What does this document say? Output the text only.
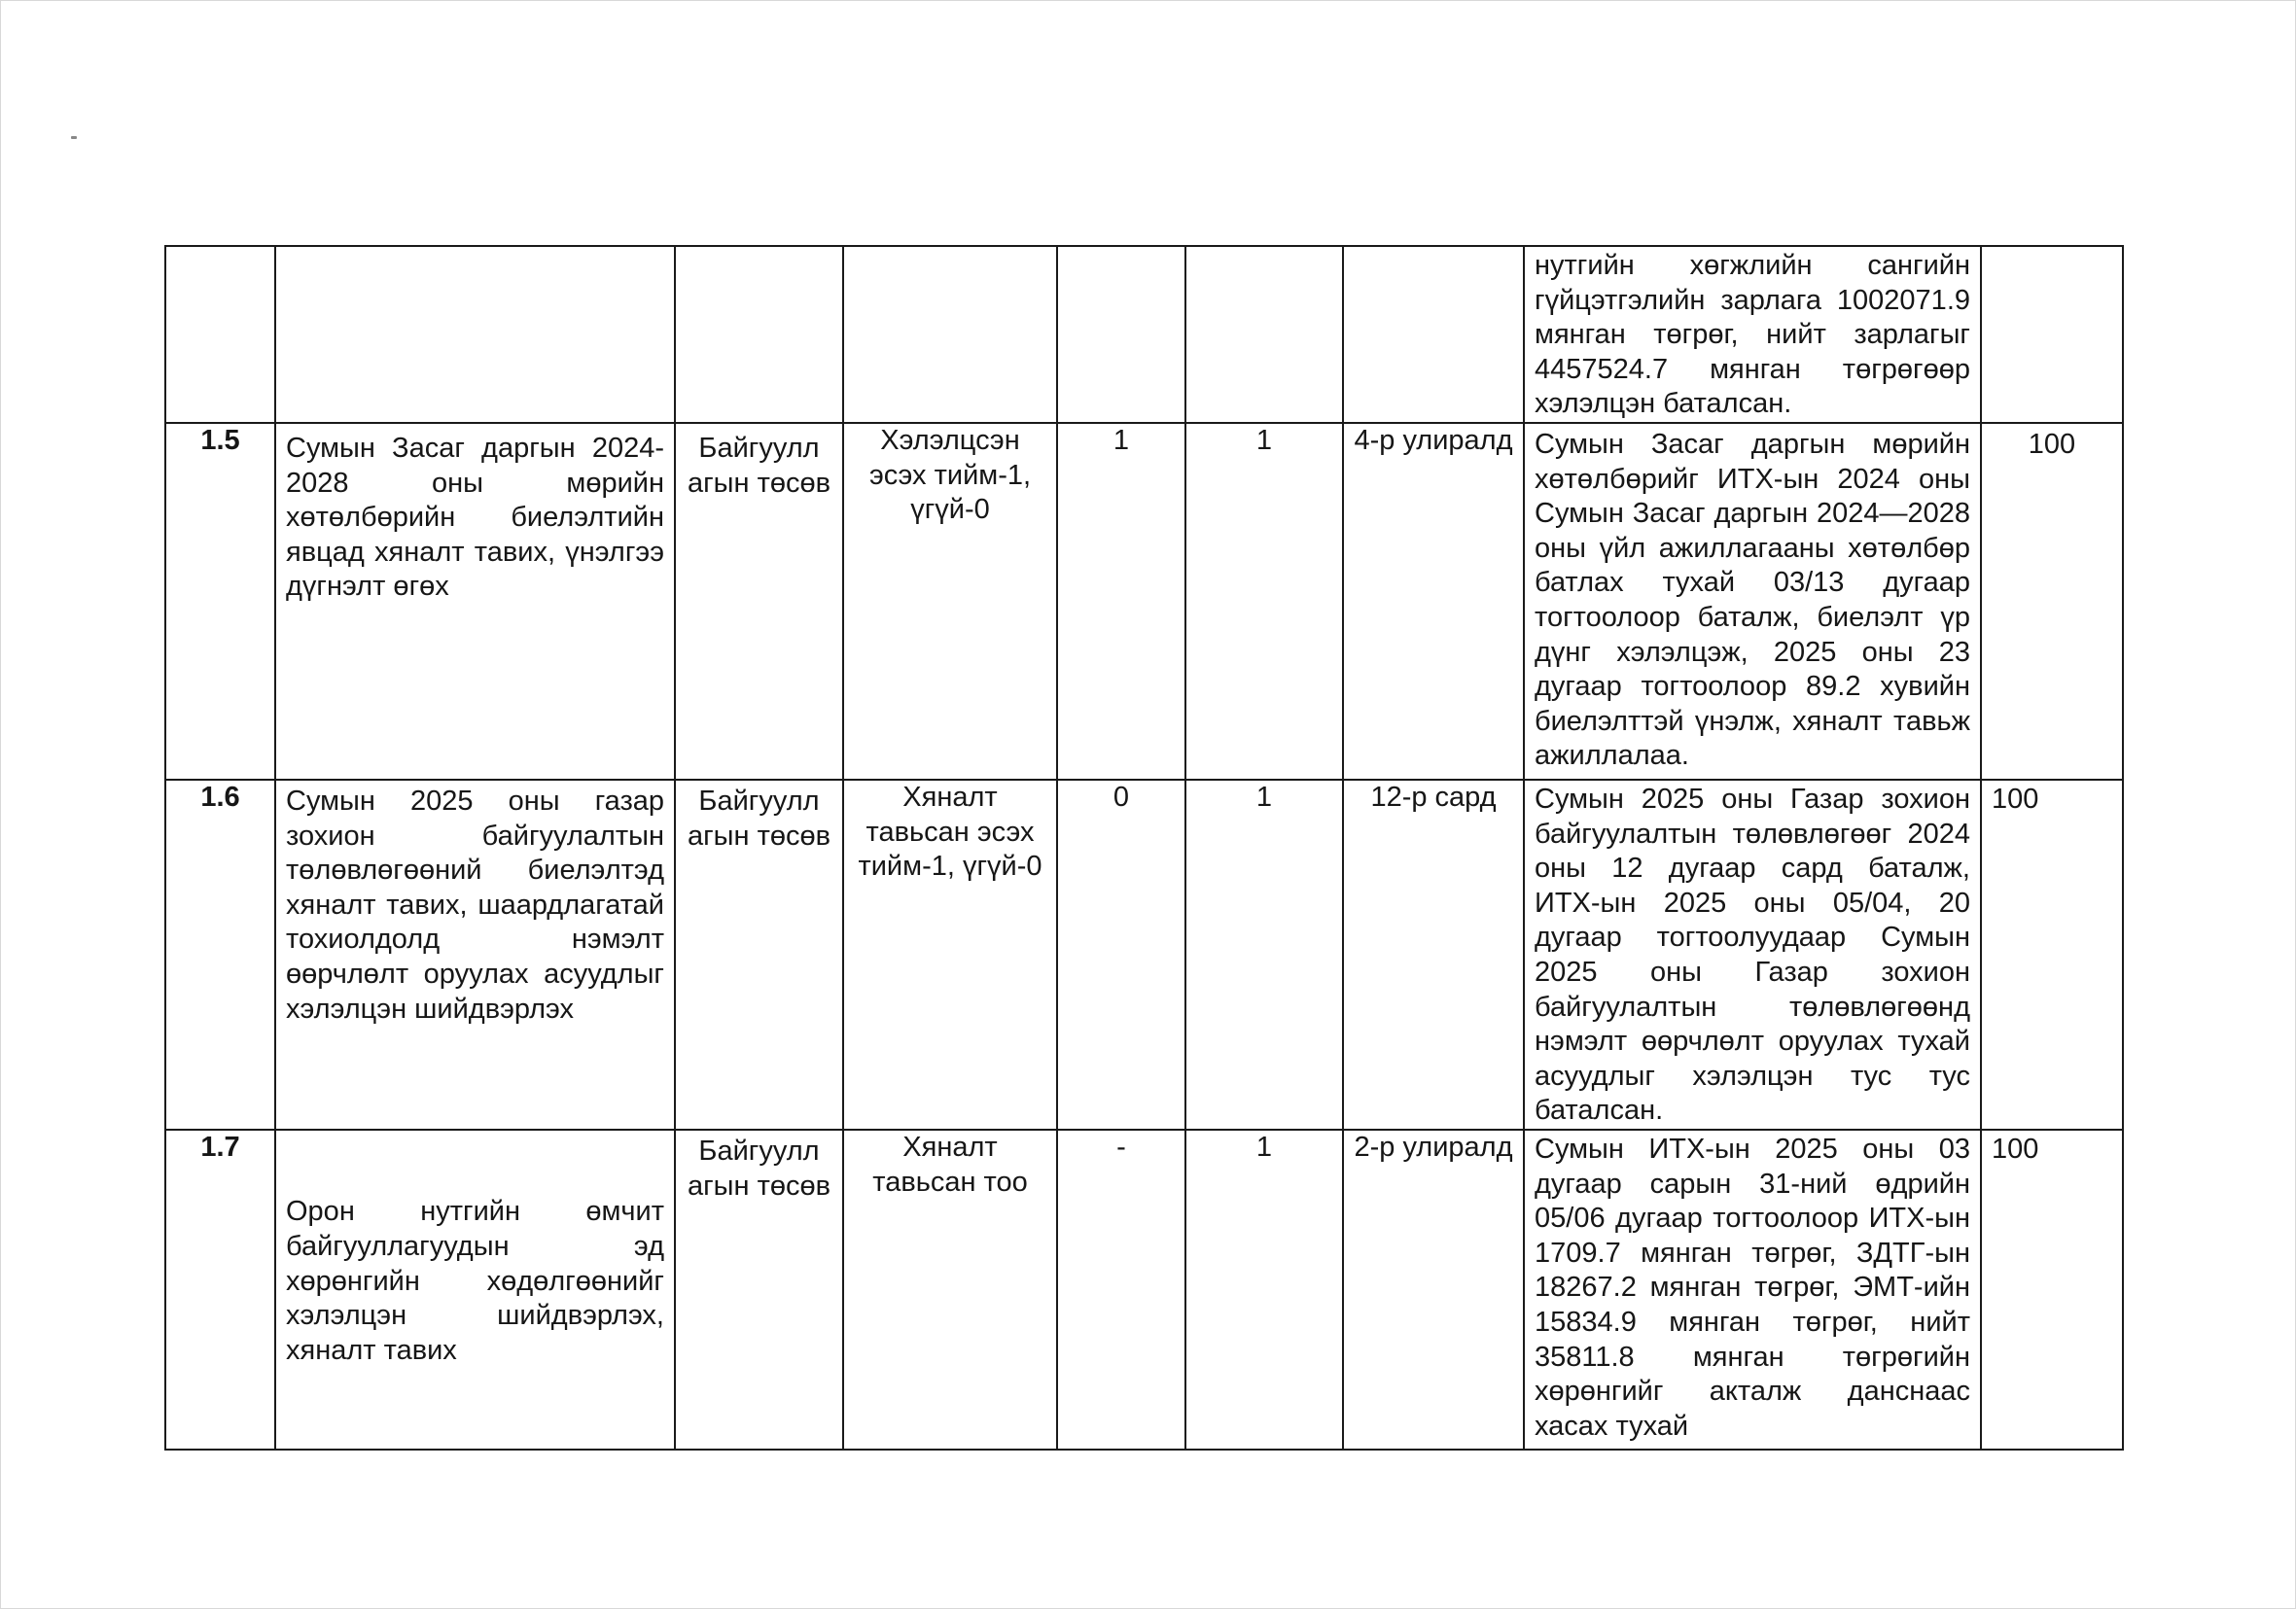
							нутгийн хөгжлийн сангийн гүйцэтгэлийн зарлага 1002071.9 мянган төгрөг, нийт зарлагыг 4457524.7 мянган төгрөгөөр хэлэлцэн баталсан.	
1.5	Сумын Засаг даргын 2024-2028 оны мөрийн хөтөлбөрийн биелэлтийн явцад хяналт тавих, үнэлгээ дүгнэлт өгөх	Байгуулл агын төсөв	Хэлэлцсэн эсэх тийм-1, үгүй-0	1	1	4-р улиралд	Сумын Засаг даргын мөрийн хөтөлбөрийг ИТХ-ын 2024 оны Сумын Засаг даргын 2024—2028 оны үйл ажиллагааны хөтөлбөр батлах тухай 03/13 дугаар тогтоолоор баталж, биелэлт үр дүнг хэлэлцэж, 2025 оны 23 дугаар тогтоолоор 89.2 хувийн биелэлттэй үнэлж, хяналт тавьж ажиллалаа.	100
1.6	Сумын 2025 оны газар зохион байгуулалтын төлөвлөгөөний биелэлтэд хяналт тавих, шаардлагатай тохиолдолд нэмэлт өөрчлөлт оруулах асуудлыг хэлэлцэн шийдвэрлэх	Байгуулл агын төсөв	Хяналт тавьсан эсэх тийм-1, үгүй-0	0	1	12-р сард	Сумын 2025 оны Газар зохион байгуулалтын төлөвлөгөөг 2024 оны 12 дугаар сард баталж, ИТХ-ын 2025 оны 05/04, 20 дугаар тогтоолуудаар Сумын 2025 оны Газар зохион байгуулалтын төлөвлөгөөнд нэмэлт өөрчлөлт оруулах тухай асуудлыг хэлэлцэн тус тус баталсан.	100
1.7	Орон нутгийн өмчит байгууллагуудын эд хөрөнгийн хөдөлгөөнийг хэлэлцэн шийдвэрлэх, хяналт тавих	Байгуулл агын төсөв	Хяналт тавьсан тоо	-	1	2-р улиралд	Сумын ИТХ-ын 2025 оны 03 дугаар сарын 31-ний өдрийн 05/06 дугаар тогтоолоор ИТХ-ын 1709.7 мянган төгрөг, ЗДТГ-ын 18267.2 мянган төгрөг, ЭМТ-ийн 15834.9 мянган төгрөг, нийт 35811.8 мянган төгрөгийн хөрөнгийг акталж данснаас хасах тухай	100
